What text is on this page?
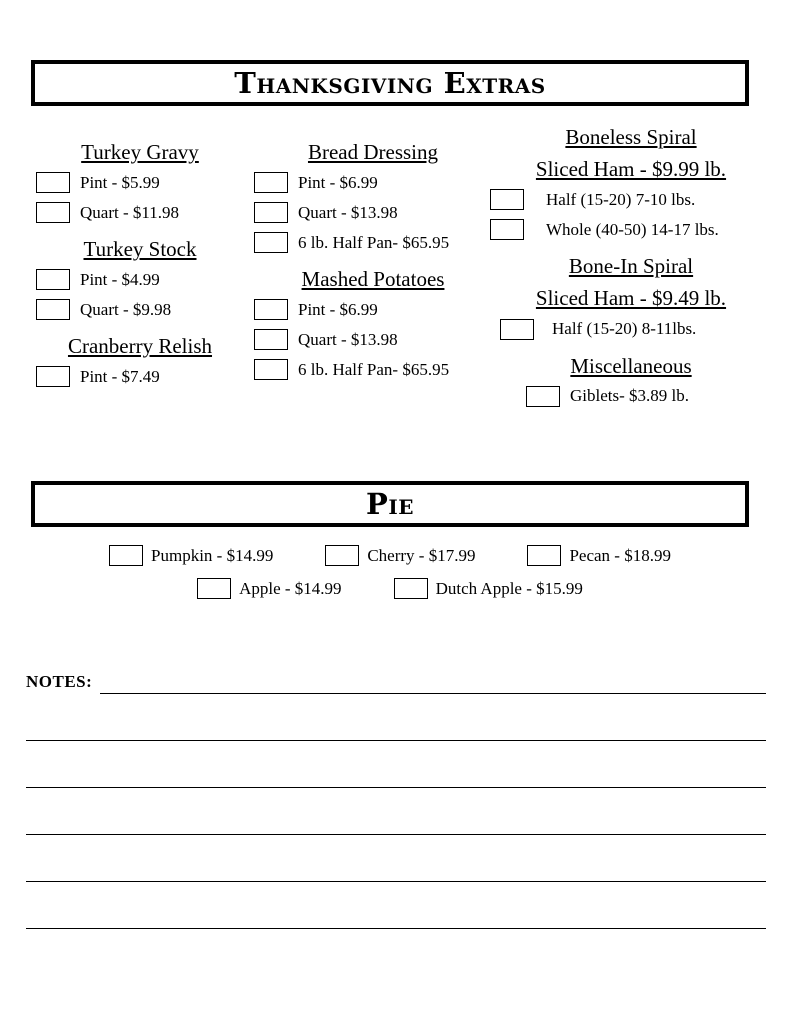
Thanksgiving Extras
Turkey Gravy
Pint - $5.99
Quart - $11.98
Turkey Stock
Pint - $4.99
Quart - $9.98
Cranberry Relish
Pint - $7.49
Bread Dressing
Pint - $6.99
Quart - $13.98
6 lb. Half Pan- $65.95
Mashed Potatoes
Pint - $6.99
Quart - $13.98
6 lb. Half Pan- $65.95
Boneless Spiral
Sliced Ham - $9.99 lb.
Half (15-20) 7-10 lbs.
Whole (40-50) 14-17 lbs.
Bone-In Spiral
Sliced Ham - $9.49 lb.
Half (15-20) 8-11lbs.
Miscellaneous
Giblets- $3.89 lb.
Pie
Pumpkin - $14.99	Cherry - $17.99	Pecan - $18.99
Apple - $14.99	Dutch Apple - $15.99
NOTES:
